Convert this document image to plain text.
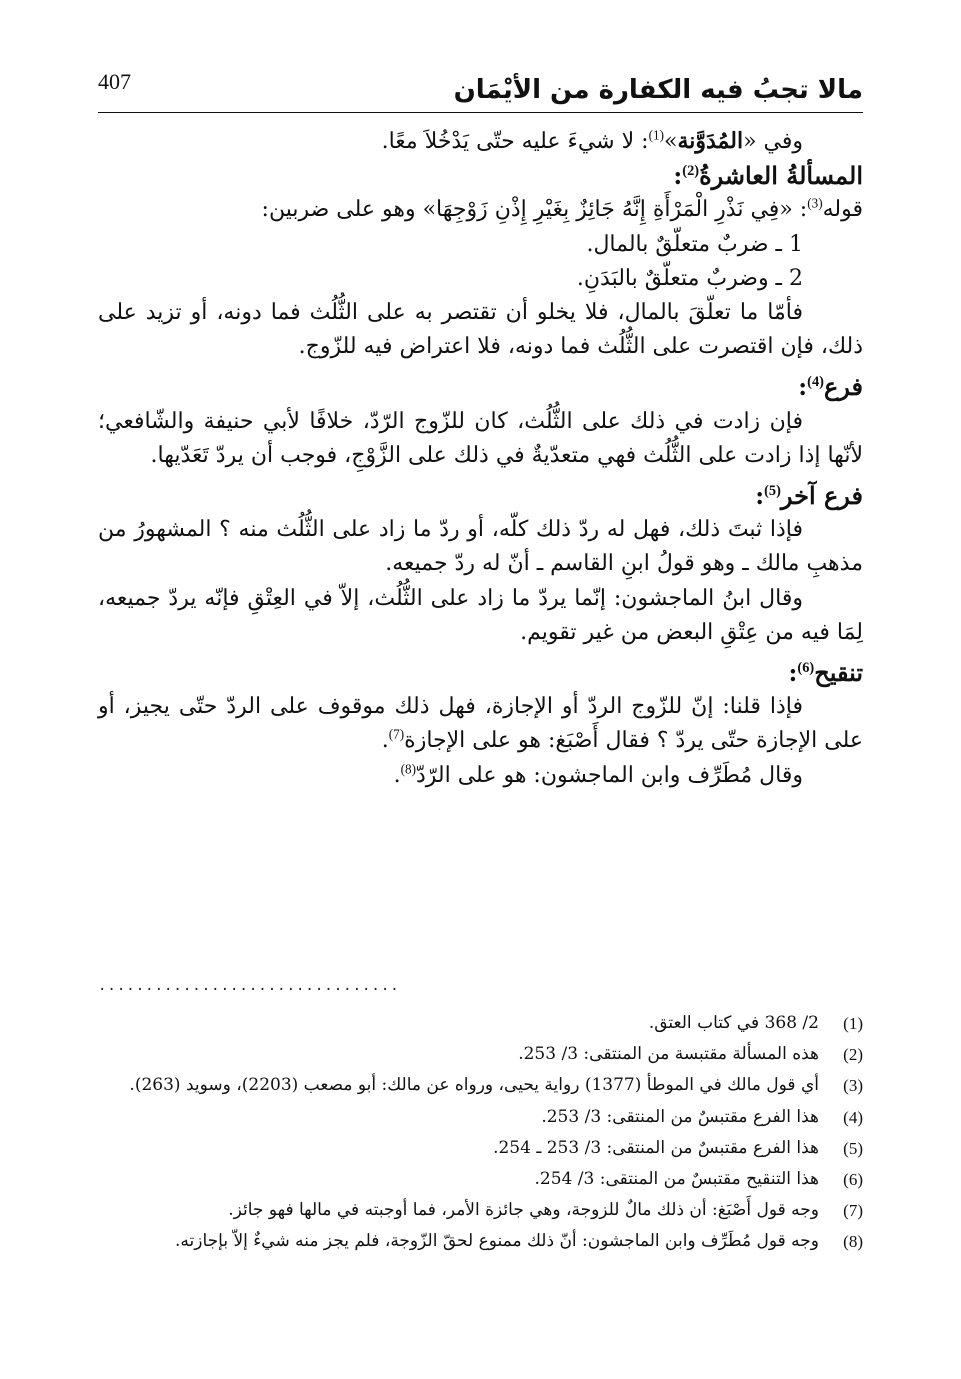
مالا تجبُ فيه الكفارة من الأيْمَان
407
وفي «المُدَوَّنة»$^{(1)}$: لا شيءَ عليه حتّى يَدْخُلاَ معًا.
المسألةُ العاشرةُ$^{(2)}$:
قوله$^{(3)}$: «فِي نَذْرِ الْمَرْأَةِ إِنَّهُ جَائِزٌ بِغَيْرِ إِذْنِ زَوْجِهَا» وهو على ضربين:
1 ـ ضربٌ متعلّقٌ بالمال.
2 ـ وضربٌ متعلّقٌ بالبَدَنِ.
فأمّا ما تعلّقَ بالمال، فلا يخلو أن تقتصر به على الثُّلُث فما دونه، أو تزيد على
ذلك، فإن اقتصرت على الثُّلُث فما دونه، فلا اعتراض فيه للزّوج.
فرع$^{(4)}$:
فإن زادت في ذلك على الثُّلُث، كان للزّوج الرّدّ، خلافًا لأبي حنيفة والشّافعي؛
لأنّها إذا زادت على الثُّلُث فهي متعدّيةٌ في ذلك على الزَّوْجِ، فوجب أن يردّ تَعَدّيها.
فرع آخر$^{(5)}$:
فإذا ثبتَ ذلك، فهل له ردّ ذلك كلّه، أو ردّ ما زاد على الثُّلُث منه ؟ المشهورُ من
مذهبِ مالك ـ وهو قولُ ابنِ القاسم ـ أنّ له ردّ جميعه.
وقال ابنُ الماجشون: إنّما يردّ ما زاد على الثُّلُث، إلاّ في العِتْقِ فإنّه يردّ جميعه،
لِمَا فيه من عِتْقِ البعض من غير تقويم.
تنقيح$^{(6)}$:
فإذا قلنا: إنّ للزّوج الردّ أو الإجازة، فهل ذلك موقوف على الردّ حتّى يجيز، أو
على الإجازة حتّى يردّ ؟ فقال أَصْبَغ: هو على الإجازة$^{(7)}$.
وقال مُطَرِّف وابن الماجشون: هو على الرّدّ$^{(8)}$.
................................
(1)
2/ 368 في كتاب العتق.
(2)
هذه المسألة مقتبسة من المنتقى: 3/ 253.
(3)
أي قول مالك في الموطأ (1377) رواية يحيى، ورواه عن مالك: أبو مصعب (2203)، وسويد (263).
(4)
هذا الفرع مقتبسٌ من المنتقى: 3/ 253.
(5)
هذا الفرع مقتبسٌ من المنتقى: 3/ 253 ـ 254.
(6)
هذا التنقيح مقتبسٌ من المنتقى: 3/ 254.
(7)
وجه قول أَصْبَغ: أن ذلك مالٌ للزوجة، وهي جائزة الأمر، فما أوجبته في مالها فهو جائز.
(8)
وجه قول مُطَرِّف وابن الماجشون: أنّ ذلك ممنوع لحقّ الزّوجة، فلم يجز منه شيءٌ إلاّ بإجازته.
